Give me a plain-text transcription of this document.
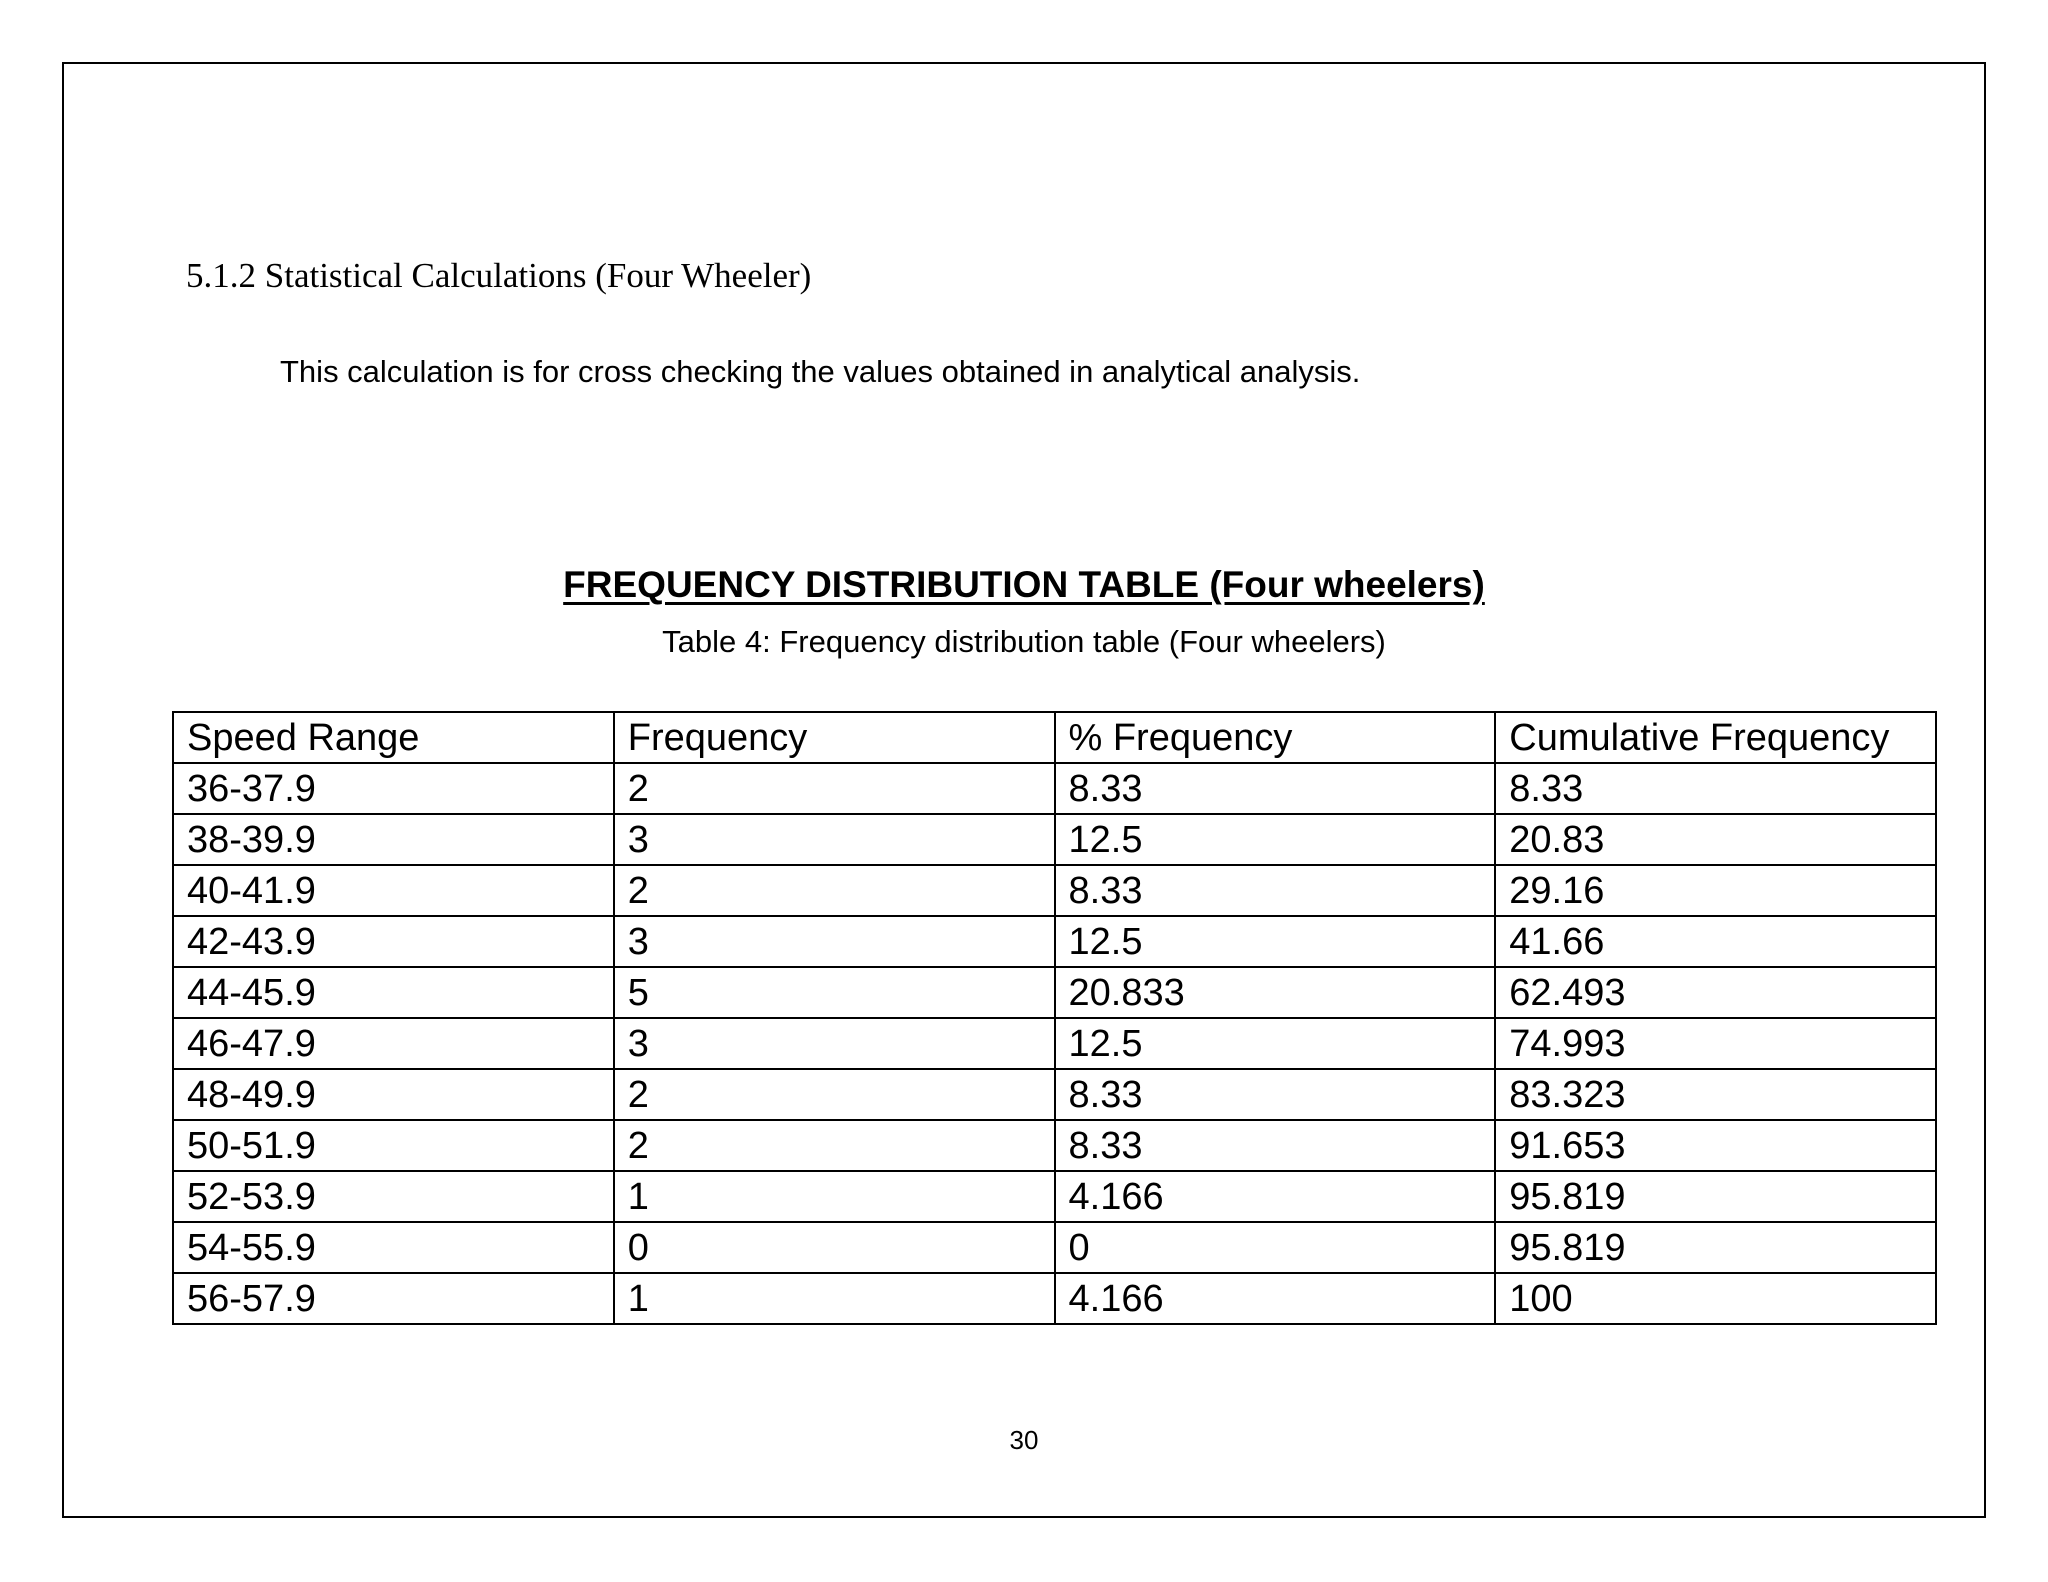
5.1.2 Statistical Calculations (Four Wheeler)
This calculation is for cross checking the values obtained in analytical analysis.
FREQUENCY DISTRIBUTION TABLE (Four wheelers)
Table 4: Frequency distribution table (Four wheelers)
Speed Range	Frequency	% Frequency	Cumulative Frequency
36-37.9	2	8.33	8.33
38-39.9	3	12.5	20.83
40-41.9	2	8.33	29.16
42-43.9	3	12.5	41.66
44-45.9	5	20.833	62.493
46-47.9	3	12.5	74.993
48-49.9	2	8.33	83.323
50-51.9	2	8.33	91.653
52-53.9	1	4.166	95.819
54-55.9	0	0	95.819
56-57.9	1	4.166	100
30
